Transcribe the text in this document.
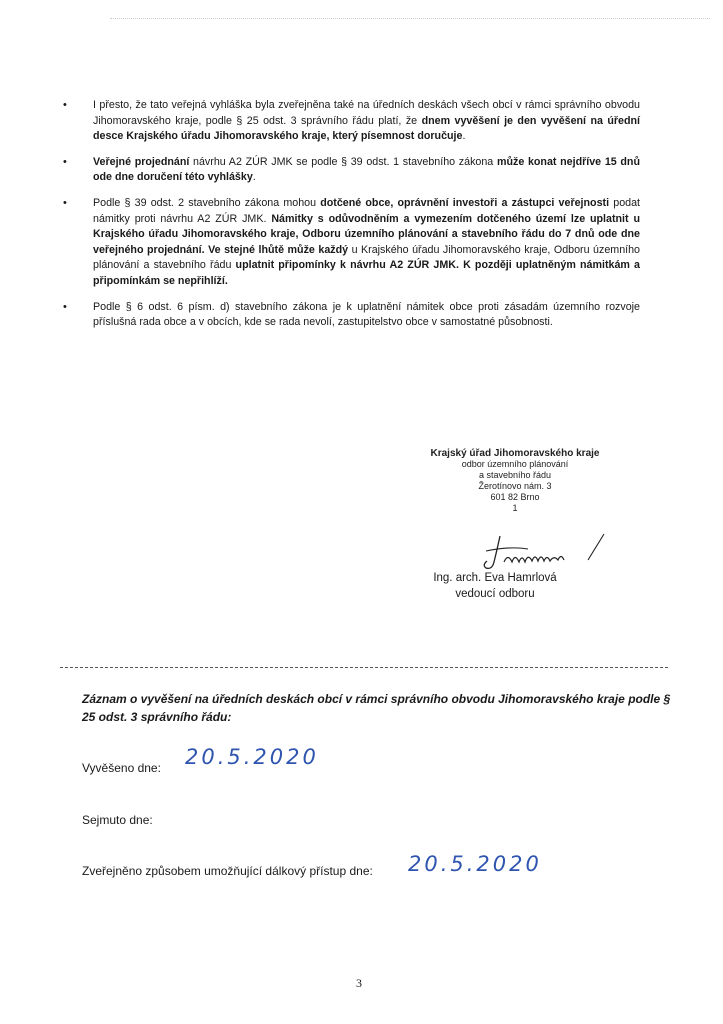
• I přesto, že tato veřejná vyhláška byla zveřejněna také na úředních deskách všech obcí v rámci správního obvodu Jihomoravského kraje, podle § 25 odst. 3 správního řádu platí, že dnem vyvěšení je den vyvěšení na úřední desce Krajského úřadu Jihomoravského kraje, který písemnost doručuje.
• Veřejné projednání návrhu A2 ZÚR JMK se podle § 39 odst. 1 stavebního zákona může konat nejdříve 15 dnů ode dne doručení této vyhlášky.
• Podle § 39 odst. 2 stavebního zákona mohou dotčené obce, oprávnění investoři a zástupci veřejnosti podat námitky proti návrhu A2 ZÚR JMK. Námitky s odůvodněním a vymezením dotčeného území lze uplatnit u Krajského úřadu Jihomoravského kraje, Odboru územního plánování a stavebního řádu do 7 dnů ode dne veřejného projednání. Ve stejné lhůtě může každý u Krajského úřadu Jihomoravského kraje, Odboru územního plánování a stavebního řádu uplatnit připomínky k návrhu A2 ZÚR JMK. K později uplatněným námitkám a připomínkám se nepřihlíží.
• Podle § 6 odst. 6 písm. d) stavebního zákona je k uplatnění námitek obce proti zásadám územního rozvoje příslušná rada obce a v obcích, kde se rada nevolí, zastupitelstvo obce v samostatné působnosti.
Krajský úřad Jihomoravského kraje
odbor územního plánování
a stavebního řádu
Žerotínovo nám. 3
601 82 Brno
1
Ing. arch. Eva Hamrlová
vedoucí odboru
Záznam o vyvěšení na úředních deskách obcí v rámci správního obvodu Jihomoravského kraje podle § 25 odst. 3 správního řádu:
Vyvěšeno dne: 20.5.2020
Sejmuto dne:
Zveřejněno způsobem umožňující dálkový přístup dne: 20.5.2020
3
